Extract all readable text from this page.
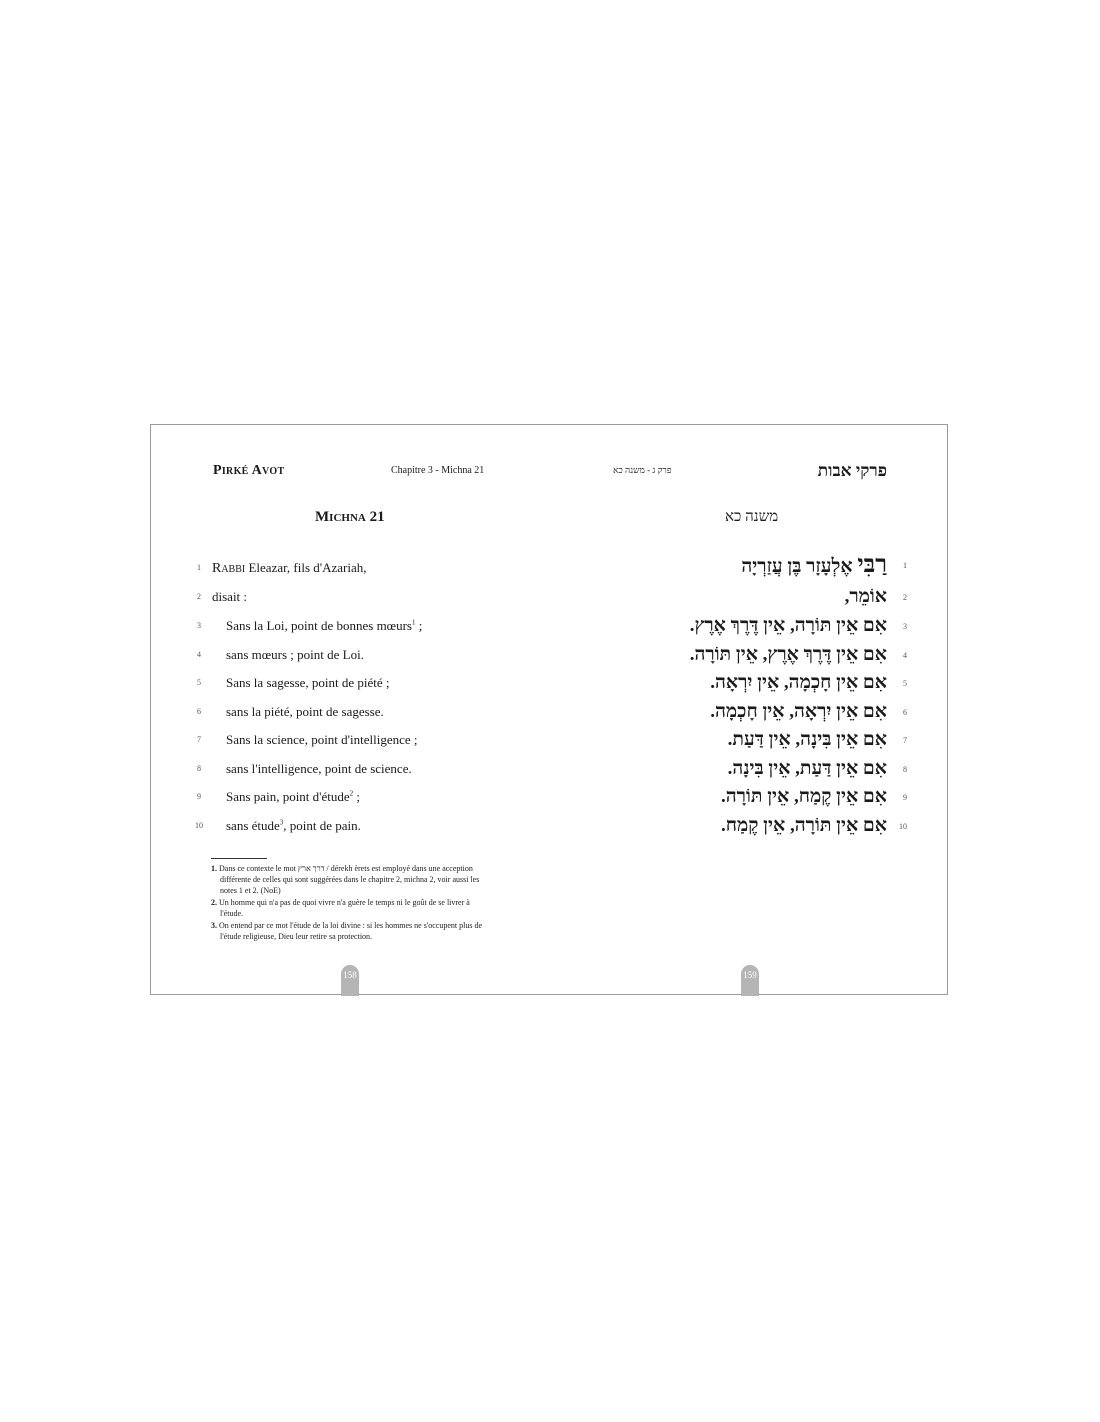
Pirké Avot	Chapitre 3 - Michna 21	פרק ג - משנה כא	פרקי אבות
Michna 21	משנה כא
1 Rabbi Eleazar, fils d'Azariah,
2 disait :
3	Sans la Loi, point de bonnes mœurs$^1$ ;
4	sans mœurs ; point de Loi.
5	Sans la sagesse, point de piété ;
6	sans la piété, point de sagesse.
7	Sans la science, point d'intelligence ;
8	sans l'intelligence, point de science.
9	Sans pain, point d'étude$^2$ ;
10	sans étude$^3$, point de pain.
רַבִּי אֶלְעָזָר בֶּן עֲזַרְיָה	1
אוֹמֵר,	2
אִם אֵין תּוֹרָה, אֵין דֶּרֶךְ אֶרֶץ.	3
אִם אֵין דֶּרֶךְ אֶרֶץ, אֵין תּוֹרָה.	4
אִם אֵין חָכְמָה, אֵין יִרְאָה.	5
אִם אֵין יִרְאָה, אֵין חָכְמָה.	6
אִם אֵין בִּינָה, אֵין דַּעַת.	7
אִם אֵין דַּעַת, אֵין בִּינָה.	8
אִם אֵין קֶמַח, אֵין תּוֹרָה.	9
אִם אֵין תּוֹרָה, אֵין קֶמַח.	10
1. Dans ce contexte le mot דרך ארץ / dérekh èrets est employé dans une acception différente de celles qui sont suggérées dans le chapitre 2, michna 2, voir aussi les notes 1 et 2. (NoE)
2. Un homme qui n'a pas de quoi vivre n'a guère le temps ni le goût de se livrer à l'étude.
3. On entend par ce mot l'étude de la loi divine : si les hommes ne s'occupent plus de l'étude religieuse, Dieu leur retire sa protection.
158	159
